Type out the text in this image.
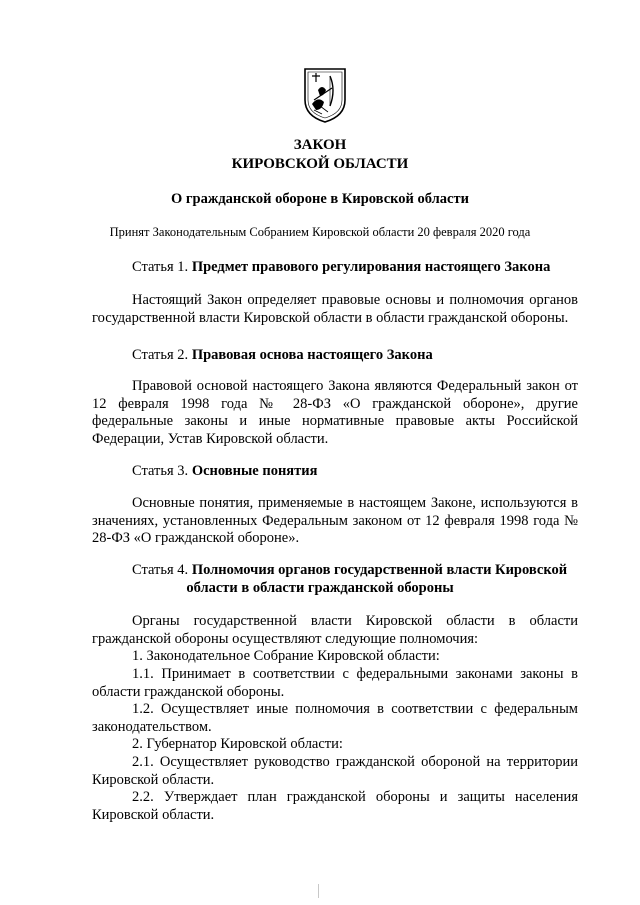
ЗАКОН
КИРОВСКОЙ ОБЛАСТИ
О гражданской обороне в Кировской области
Принят Законодательным Собранием Кировской области 20 февраля 2020 года
Статья 1. Предмет правового регулирования настоящего Закона
Настоящий Закон определяет правовые основы и полномочия органов государственной власти Кировской области в области гражданской обороны.
Статья 2. Правовая основа настоящего Закона
Правовой основой настоящего Закона являются Федеральный закон от 12 февраля 1998 года № 28-ФЗ «О гражданской обороне», другие федеральные законы и иные нормативные правовые акты Российской Федерации, Устав Кировской области.
Статья 3. Основные понятия
Основные понятия, применяемые в настоящем Законе, используются в значениях, установленных Федеральным законом от 12 февраля 1998 года № 28-ФЗ «О гражданской обороне».
Статья 4. Полномочия органов государственной власти Кировской
области в области гражданской обороны
Органы государственной власти Кировской области в области гражданской обороны осуществляют следующие полномочия:
1. Законодательное Собрание Кировской области:
1.1. Принимает в соответствии с федеральными законами законы в области гражданской обороны.
1.2. Осуществляет иные полномочия в соответствии с федеральным законодательством.
2. Губернатор Кировской области:
2.1. Осуществляет руководство гражданской обороной на территории Кировской области.
2.2. Утверждает план гражданской обороны и защиты населения Кировской области.
